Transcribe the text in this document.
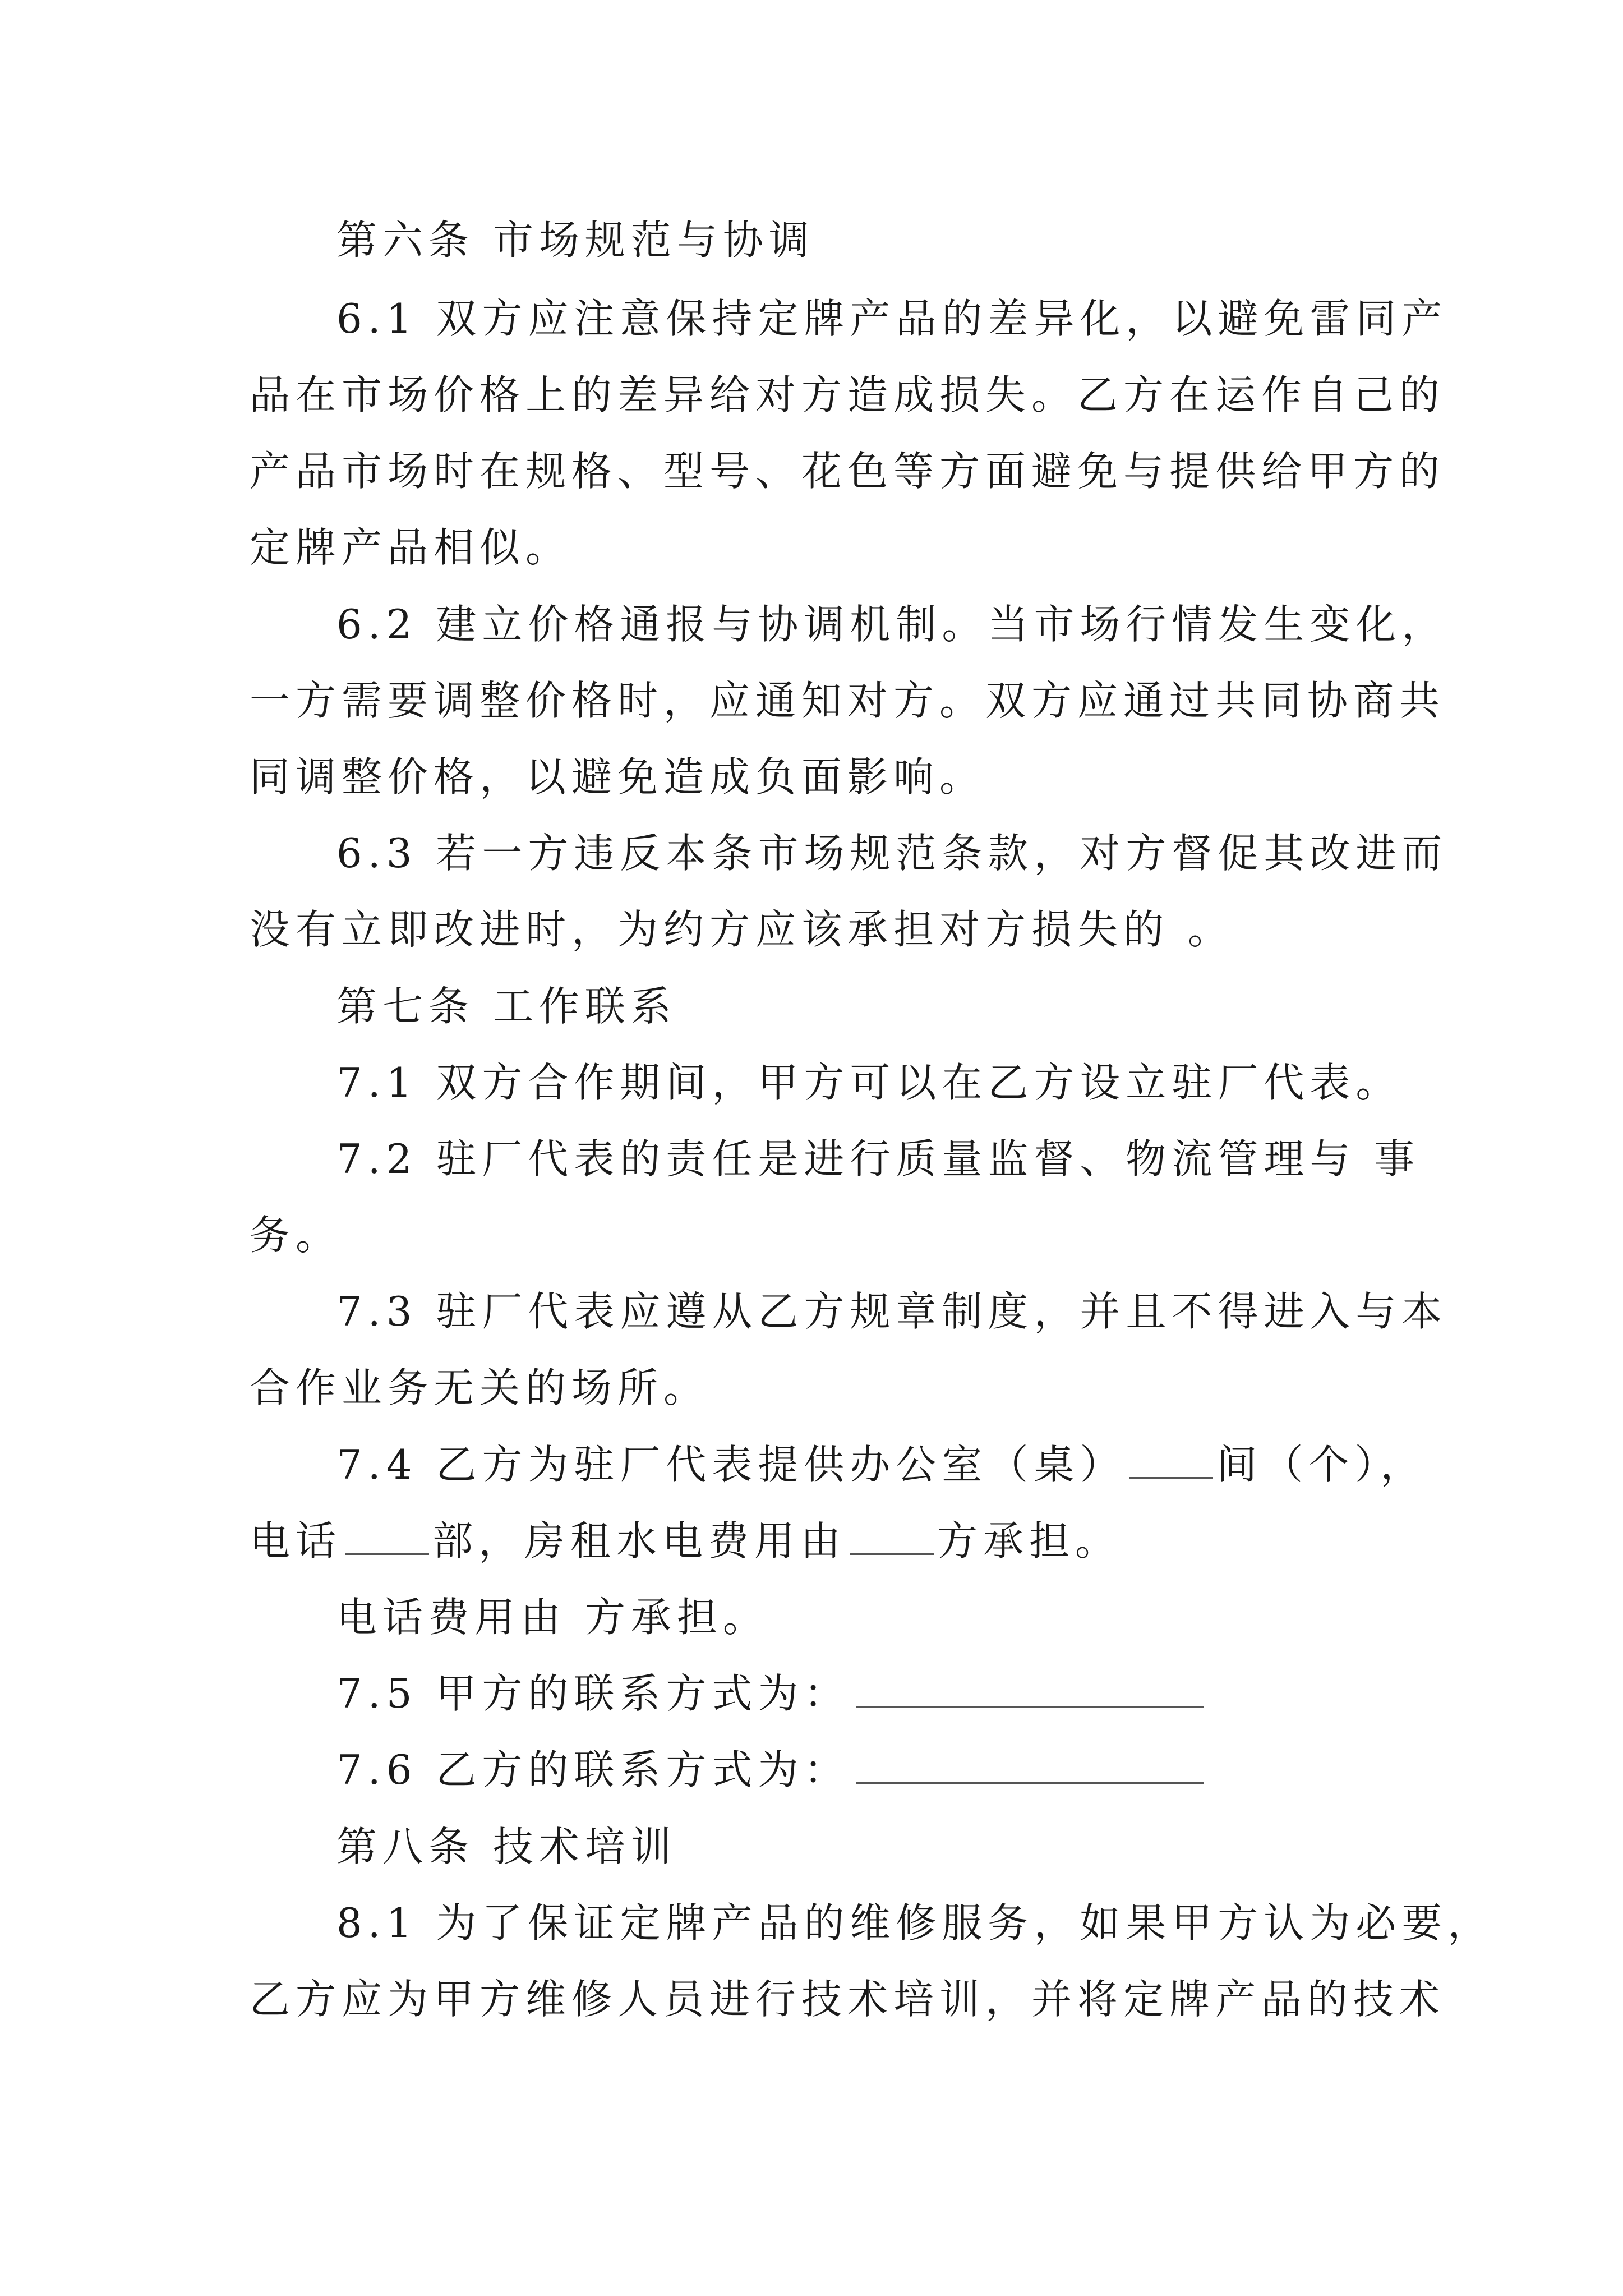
第六条 市场规范与协调
6.1 双方应注意保持定牌产品的差异化，以避免雷同产
品在市场价格上的差异给对方造成损失。乙方在运作自己的
产品市场时在规格、型号、花色等方面避免与提供给甲方的
定牌产品相似。
6.2 建立价格通报与协调机制。当市场行情发生变化，
一方需要调整价格时，应通知对方。双方应通过共同协商共
同调整价格，以避免造成负面影响。
6.3 若一方违反本条市场规范条款，对方督促其改进而
没有立即改进时，为约方应该承担对方损失的 。
第七条 工作联系
7.1 双方合作期间，甲方可以在乙方设立驻厂代表。
7.2 驻厂代表的责任是进行质量监督、物流管理与 事
务。
7.3 驻厂代表应遵从乙方规章制度，并且不得进入与本
合作业务无关的场所。
7.4 乙方为驻厂代表提供办公室（桌） 间（个），
电话 部，房租水电费用由 方承担。
电话费用由 方承担。
7.5 甲方的联系方式为：
7.6 乙方的联系方式为：
第八条 技术培训
8.1 为了保证定牌产品的维修服务，如果甲方认为必要，
乙方应为甲方维修人员进行技术培训，并将定牌产品的技术
